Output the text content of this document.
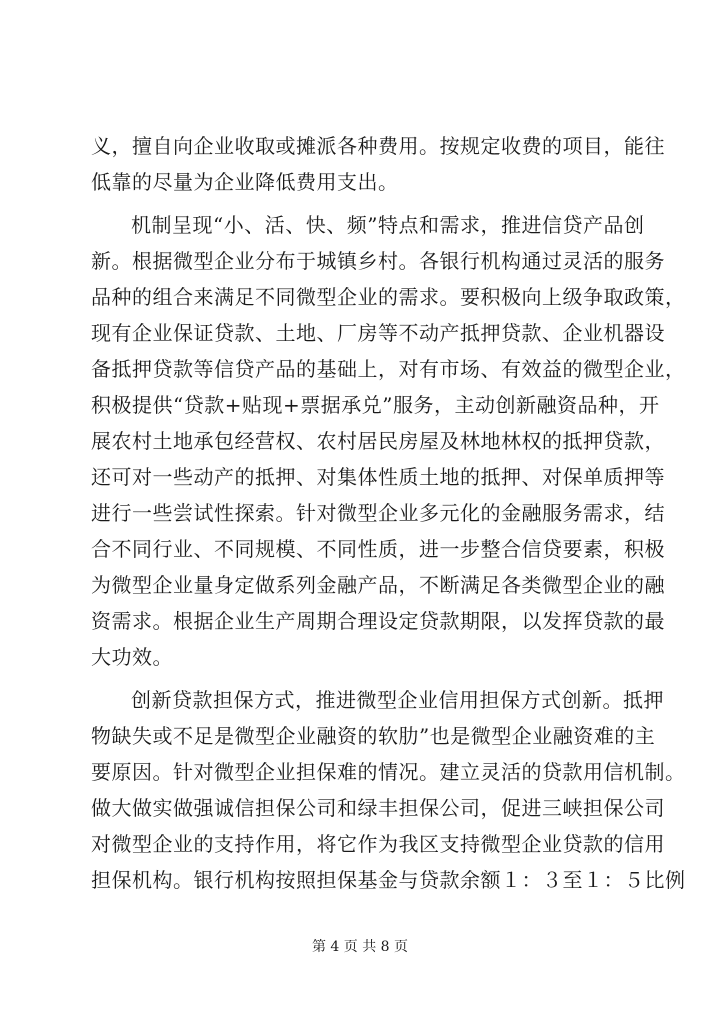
义，擅自向企业收取或摊派各种费用。按规定收费的项目，能往
低靠的尽量为企业降低费用支出。
机制呈现“小、活、快、频”特点和需求，推进信贷产品创
新。根据微型企业分布于城镇乡村。各银行机构通过灵活的服务
品种的组合来满足不同微型企业的需求。要积极向上级争取政策，
现有企业保证贷款、土地、厂房等不动产抵押贷款、企业机器设
备抵押贷款等信贷产品的基础上，对有市场、有效益的微型企业，
积极提供“贷款+贴现+票据承兑”服务，主动创新融资品种，开
展农村土地承包经营权、农村居民房屋及林地林权的抵押贷款，
还可对一些动产的抵押、对集体性质土地的抵押、对保单质押等
进行一些尝试性探索。针对微型企业多元化的金融服务需求，结
合不同行业、不同规模、不同性质，进一步整合信贷要素，积极
为微型企业量身定做系列金融产品，不断满足各类微型企业的融
资需求。根据企业生产周期合理设定贷款期限，以发挥贷款的最
大功效。
创新贷款担保方式，推进微型企业信用担保方式创新。抵押
物缺失或不足是微型企业融资的软肋”也是微型企业融资难的主
要原因。针对微型企业担保难的情况。建立灵活的贷款用信机制。
做大做实做强诚信担保公司和绿丰担保公司，促进三峡担保公司
对微型企业的支持作用，将它作为我区支持微型企业贷款的信用
担保机构。银行机构按照担保基金与贷款余额１：３至１：５比例
第 4 页 共 8 页
